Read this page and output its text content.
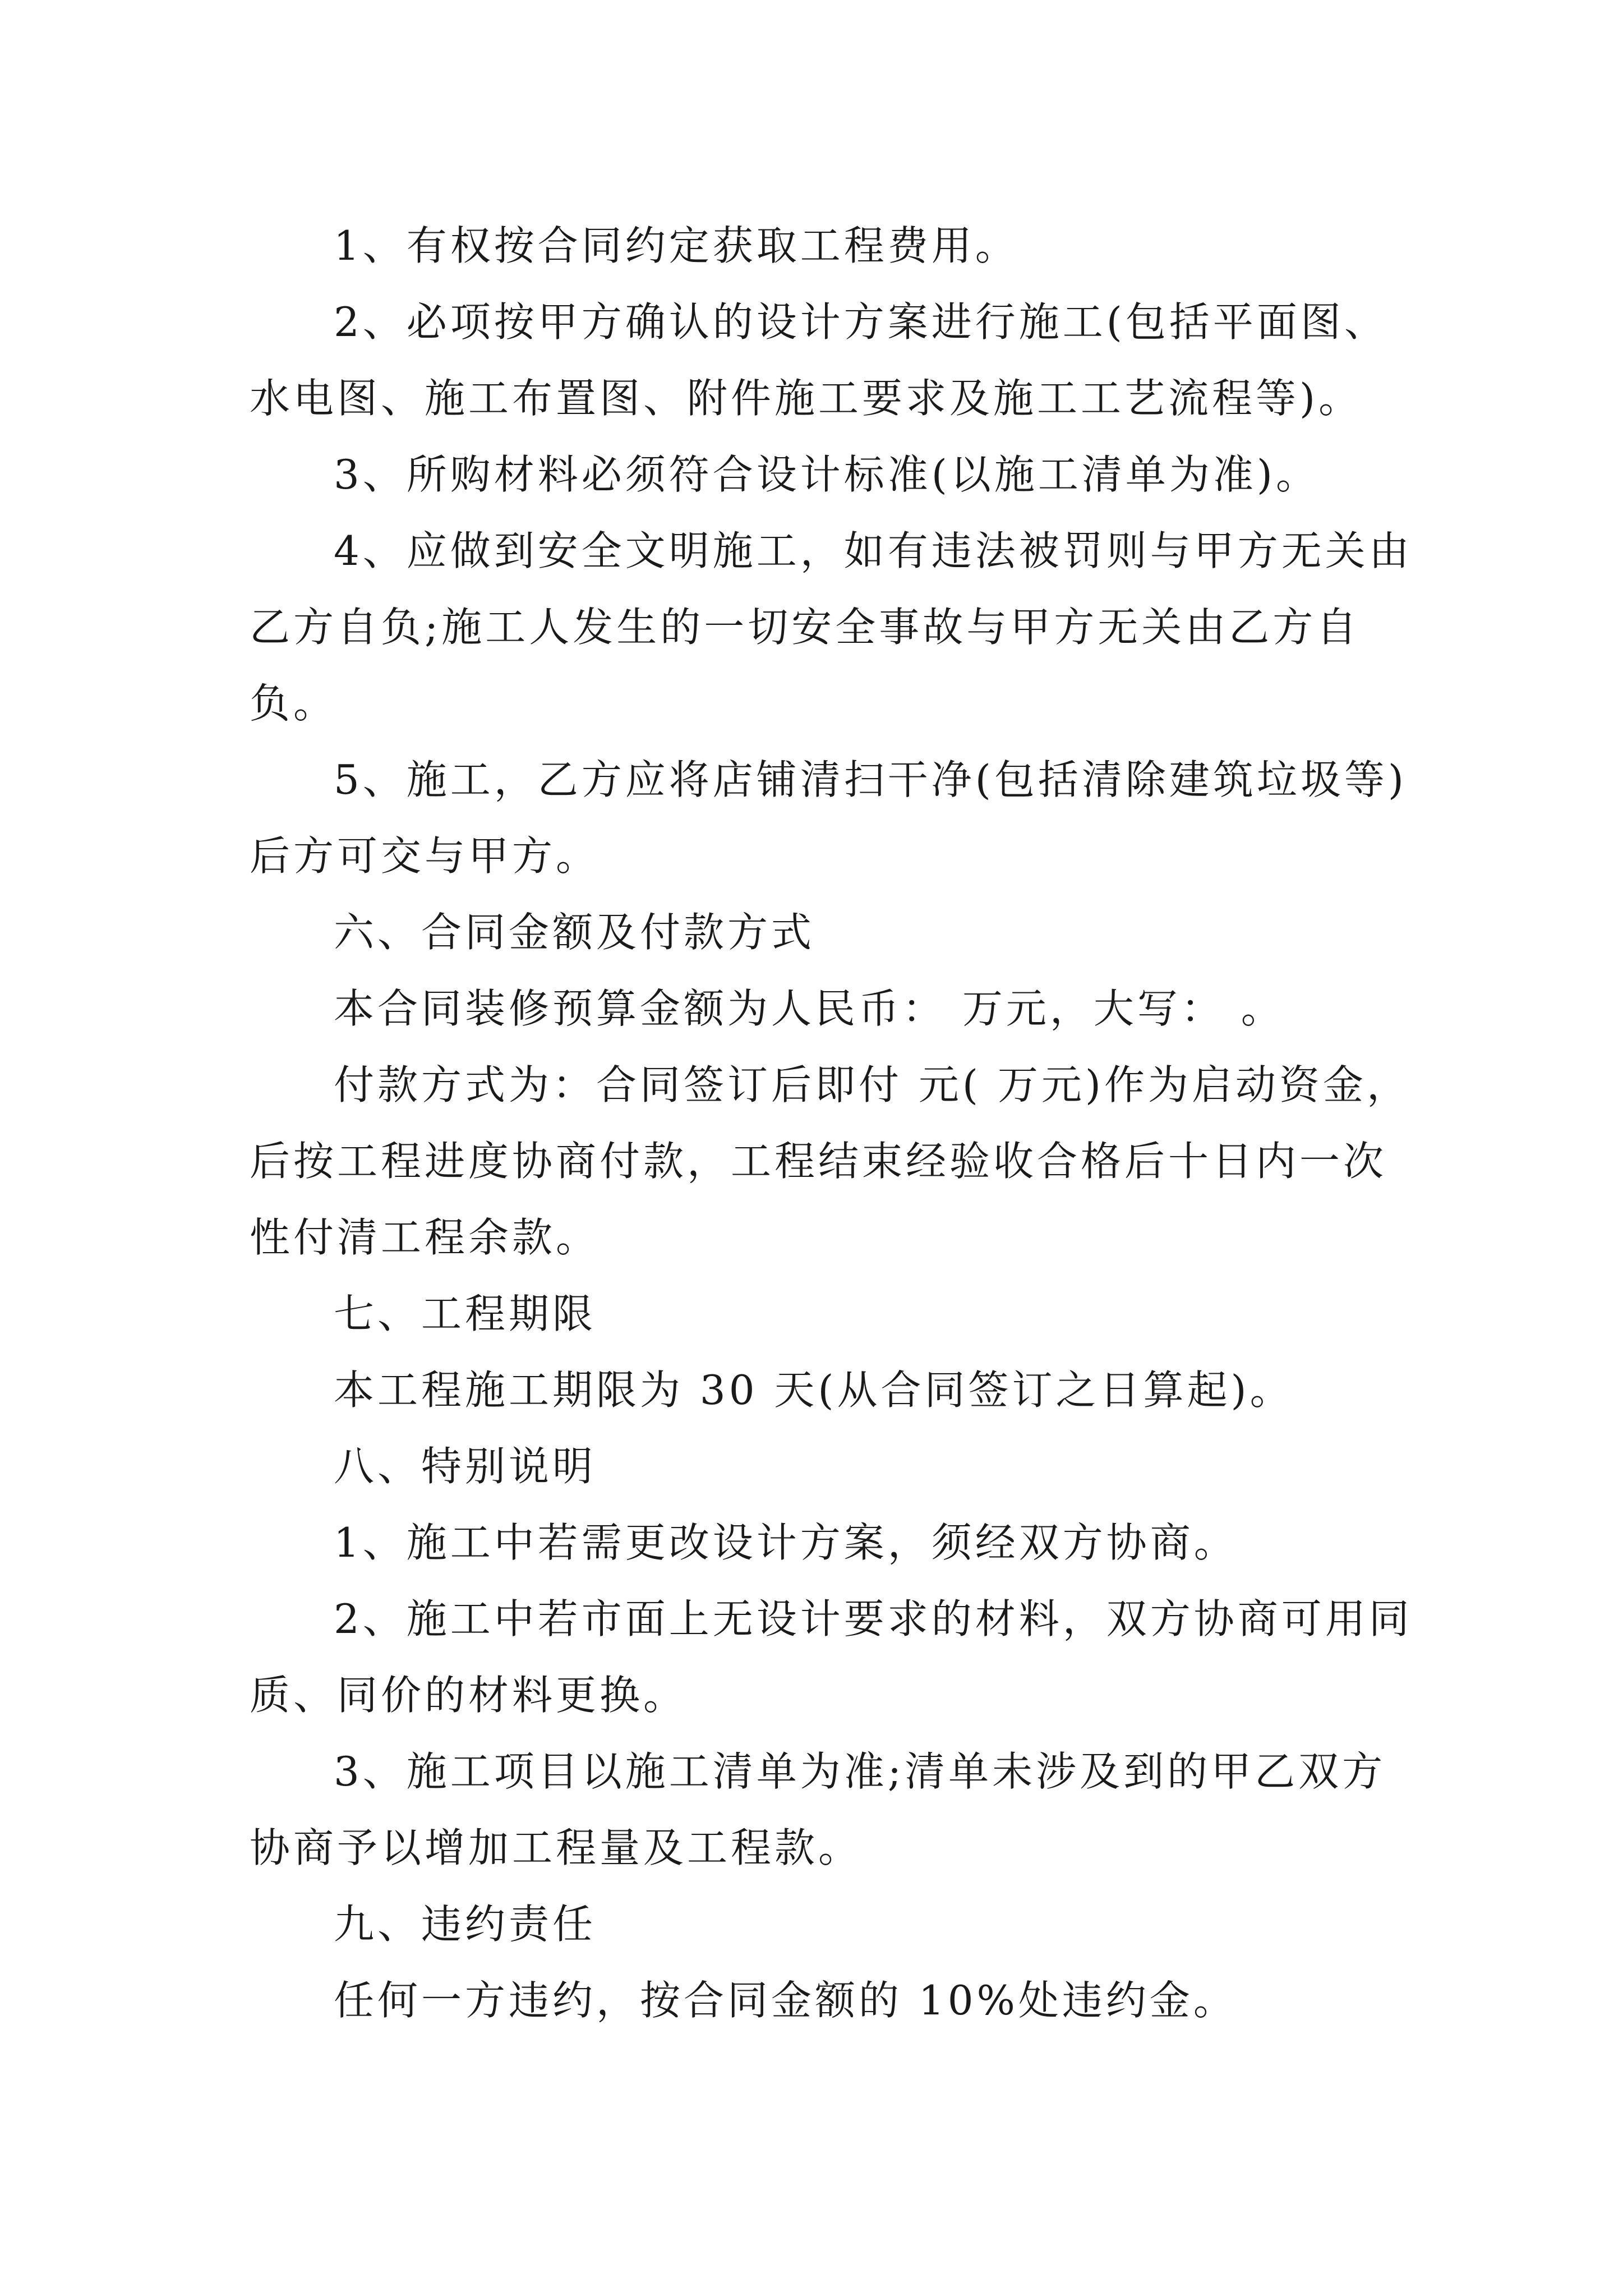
1、有权按合同约定获取工程费用。

2、必项按甲方确认的设计方案进行施工(包括平面图、水电图、施工布置图、附件施工要求及施工工艺流程等)。

3、所购材料必须符合设计标准(以施工清单为准)。

4、应做到安全文明施工，如有违法被罚则与甲方无关由乙方自负;施工人发生的一切安全事故与甲方无关由乙方自负。

5、施工，乙方应将店铺清扫干净(包括清除建筑垃圾等)后方可交与甲方。

六、合同金额及付款方式

本合同装修预算金额为人民币： 万元，大写： 。

付款方式为：合同签订后即付 元( 万元)作为启动资金，后按工程进度协商付款，工程结束经验收合格后十日内一次性付清工程余款。

七、工程期限

本工程施工期限为 30 天(从合同签订之日算起)。

八、特别说明

1、施工中若需更改设计方案，须经双方协商。

2、施工中若市面上无设计要求的材料，双方协商可用同质、同价的材料更换。

3、施工项目以施工清单为准;清单未涉及到的甲乙双方协商予以增加工程量及工程款。

九、违约责任

任何一方违约，按合同金额的 10%处违约金。
